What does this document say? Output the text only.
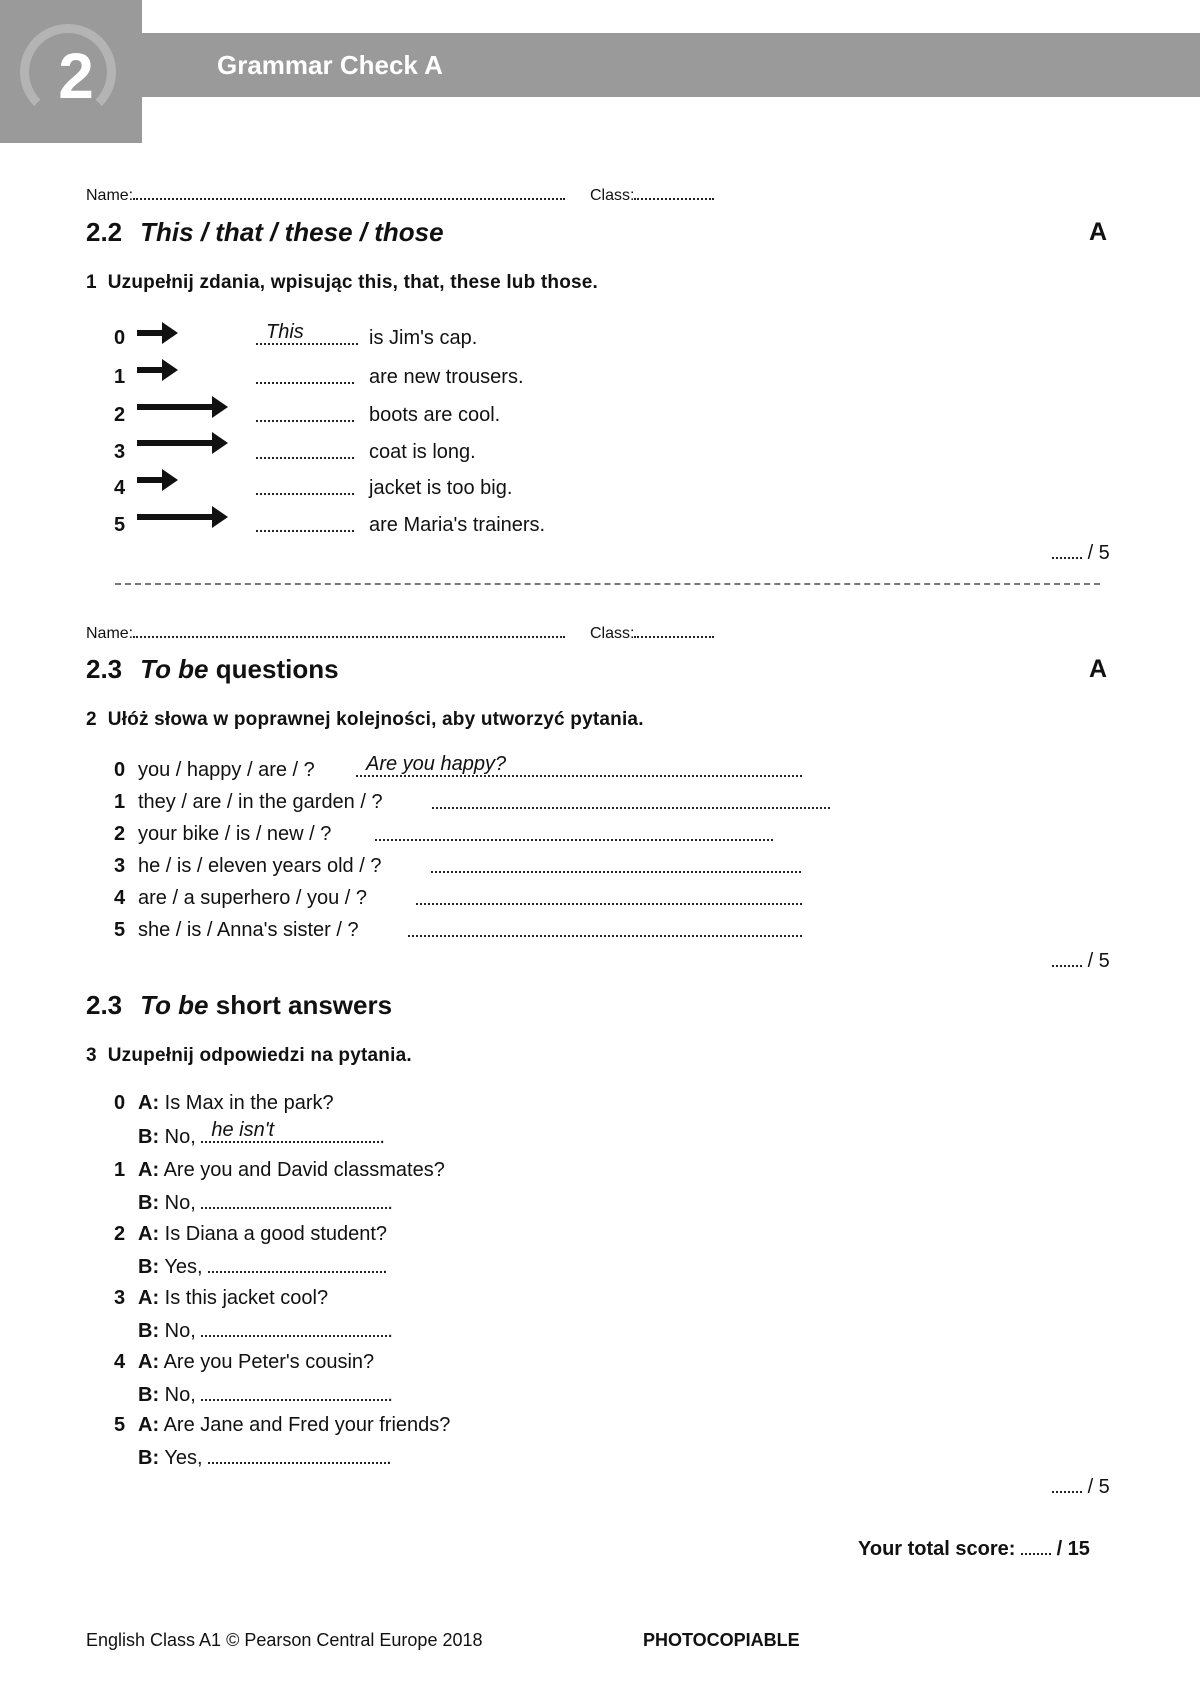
2	Grammar Check A
Name:	Class:
2.2 This / that / these / those	A
1 Uzupełnij zdania, wpisując this, that, these lub those.
0	This	is Jim's cap.
1	are new trousers.
2	boots are cool.
3	coat is long.
4	jacket is too big.
5	are Maria's trainers.
/ 5
Name:	Class:
2.3 To be questions	A
2 Ułóż słowa w poprawnej kolejności, aby utworzyć pytania.
0 you / happy / are / ?	Are you happy?
1 they / are / in the garden / ?
2 your bike / is / new / ?
3 he / is / eleven years old / ?
4 are / a superhero / you / ?
5 she / is / Anna's sister / ?
/ 5
2.3 To be short answers
3 Uzupełnij odpowiedzi na pytania.
0 A: Is Max in the park?
B: No, he isn't	.
1 A: Are you and David classmates?
B: No,	.
2 A: Is Diana a good student?
B: Yes,	.
3 A: Is this jacket cool?
B: No,	.
4 A: Are you Peter's cousin?
B: No,	.
5 A: Are Jane and Fred your friends?
B: Yes,	.
/ 5
Your total score: / 15
English Class A1 © Pearson Central Europe 2018	PHOTOCOPIABLE
